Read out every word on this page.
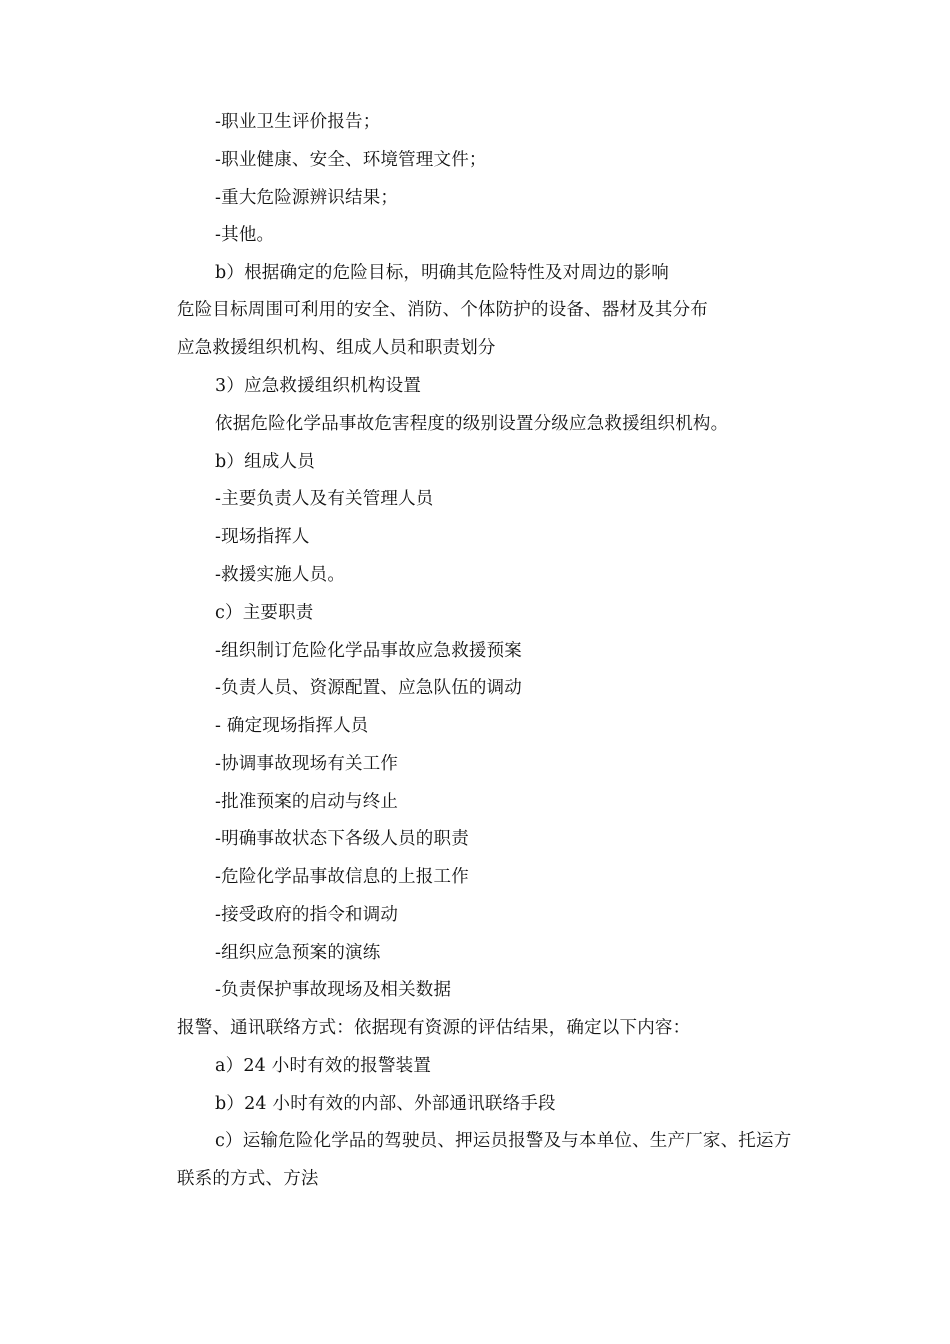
-职业卫生评价报告；
-职业健康、安全、环境管理文件；
-重大危险源辨识结果；
-其他。
b）根据确定的危险目标，明确其危险特性及对周边的影响
危险目标周围可利用的安全、消防、个体防护的设备、器材及其分布
应急救援组织机构、组成人员和职责划分
3）应急救援组织机构设置
依据危险化学品事故危害程度的级别设置分级应急救援组织机构。
b）组成人员
-主要负责人及有关管理人员
-现场指挥人
-救援实施人员。
c）主要职责
-组织制订危险化学品事故应急救援预案
-负责人员、资源配置、应急队伍的调动
- 确定现场指挥人员
-协调事故现场有关工作
-批准预案的启动与终止
-明确事故状态下各级人员的职责
-危险化学品事故信息的上报工作
-接受政府的指令和调动
-组织应急预案的演练
-负责保护事故现场及相关数据
报警、通讯联络方式：依据现有资源的评估结果，确定以下内容：
a）24 小时有效的报警装置
b）24 小时有效的内部、外部通讯联络手段
c）运输危险化学品的驾驶员、押运员报警及与本单位、生产厂家、托运方
联系的方式、方法
